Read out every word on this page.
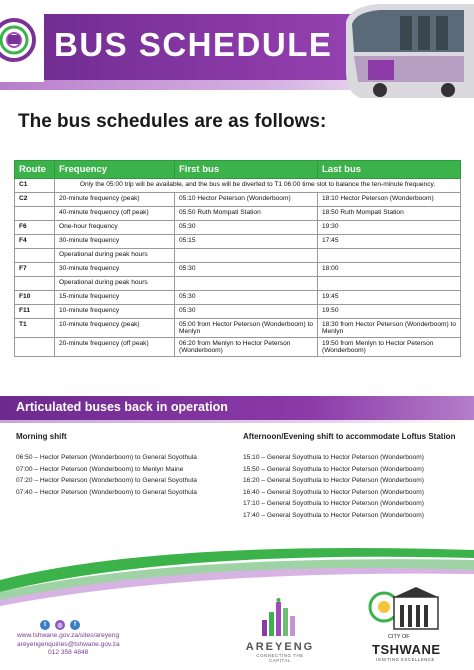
BUS SCHEDULE
The bus schedules are as follows:
Route	Frequency	First bus	Last bus
C1	Only the 05:00 trip will be available, and the bus will be diverted to T1 06:00 time slot to balance the ten-minute frequency.		
C2	20-minute frequency (peak)	05:10 Hector Peterson (Wonderboom)	18:10 Hector Peterson (Wonderboom)
	40-minute frequency (off peak)	05:50 Ruth Mompati Station	18:50 Ruth Mompati Station
F6	One-hour frequency	05:30	19:30
F4	30-minute frequency	05:15	17:45
	Operational during peak hours		
F7	30-minute frequency	05:30	18:00
	Operational during peak hours		
F10	15-minute frequency	05:30	19:45
F11	10-minute frequency	05:30	19:50
T1	10-minute frequency (peak)	05:00 from Hector Peterson (Wonderboom) to Menlyn	18:30 from Hector Peterson (Wonderboom) to Menlyn
	20-minute frequency (off peak)	06:20 from Menlyn to Hector Peterson (Wonderboom)	19:50 from Menlyn to Hector Peterson (Wonderboom)
Articulated buses back in operation
Morning shift
06:50 – Hector Peterson (Wonderboom) to General Soyothula
07:00 – Hector Peterson (Wonderboom) to Menlyn Maine
07:20 – Hector Peterson (Wonderboom) to General Soyothula
07:40 – Hector Peterson (Wonderboom) to General Soyothula
Afternoon/Evening shift to accommodate Loftus Station
15:10 – General Soyothula to Hector Peterson (Wonderboom)
15:50 – General Soyothula to Hector Peterson (Wonderboom)
16:20 – General Soyothula to Hector Peterson (Wonderboom)
16:40 – General Soyothula to Hector Peterson (Wonderboom)
17:10 – General Soyothula to Hector Peterson (Wonderboom)
17:40 – General Soyothula to Hector Peterson (Wonderboom)
t	◎	f
www.tshwane.gov.za/sites/areyeng
areyengenquiries@tshwane.gov.za
012 358 4848	AREYENG
CONNECTING THE CAPITAL
CITY OF
TSHWANE
IGNITING EXCELLENCE
